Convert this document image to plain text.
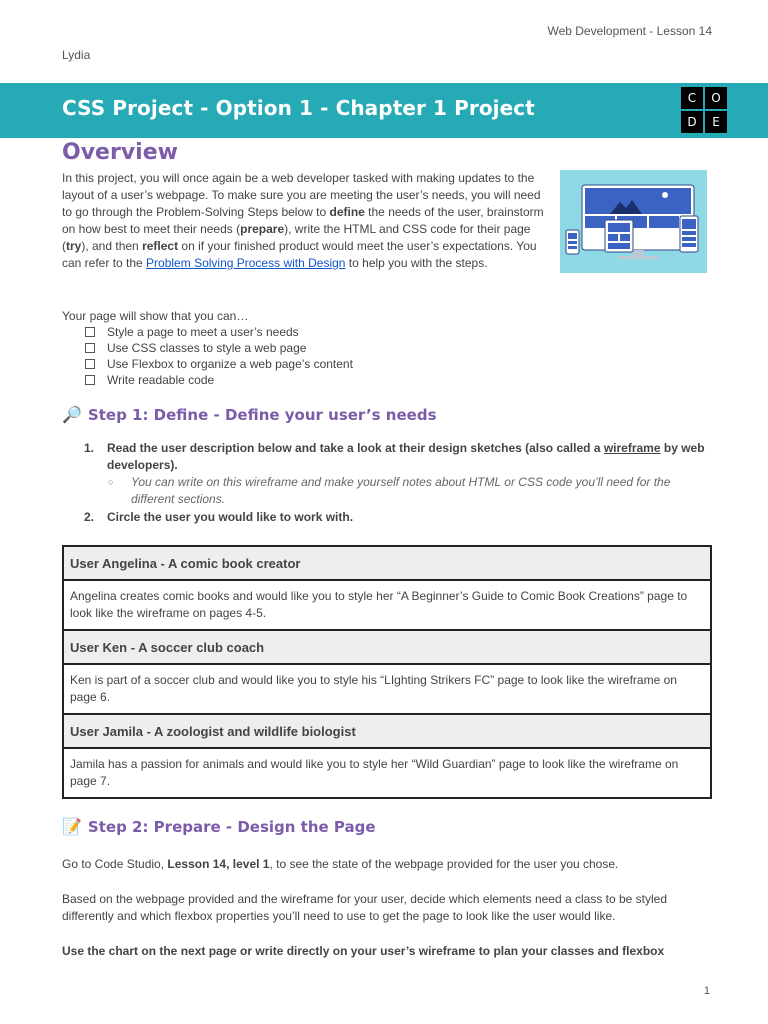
Web Development - Lesson 14
Lydia
CSS Project - Option 1 - Chapter 1 Project	C	O
D	E
Overview
In this project, you will once again be a web developer tasked with making updates to the layout of a user’s webpage. To make sure you are meeting the user’s needs, you will need to go through the Problem-Solving Steps below to define the needs of the user, brainstorm on how best to meet their needs (prepare), write the HTML and CSS code for their page (try), and then reflect on if your finished product would meet the user’s expectations. You can refer to the Problem Solving Process with Design to help you with the steps.
Your page will show that you can…
Style a page to meet a user’s needs
Use CSS classes to style a web page
Use Flexbox to organize a web page’s content
Write readable code
🔎 Step 1: Define - Define your user’s needs
1. Read the user description below and take a look at their design sketches (also called a wireframe by web developers).
○ You can write on this wireframe and make yourself notes about HTML or CSS code you’ll need for the different sections.
2. Circle the user you would like to work with.
User Angelina - A comic book creator
Angelina creates comic books and would like you to style her “A Beginner’s Guide to Comic Book Creations” page to look like the wireframe on pages 4-5.
User Ken - A soccer club coach
Ken is part of a soccer club and would like you to style his “LIghting Strikers FC” page to look like the wireframe on page 6.
User Jamila - A zoologist and wildlife biologist
Jamila has a passion for animals and would like you to style her “Wild Guardian” page to look like the wireframe on page 7.
📝 Step 2: Prepare - Design the Page
Go to Code Studio, Lesson 14, level 1, to see the state of the webpage provided for the user you chose.
Based on the webpage provided and the wireframe for your user, decide which elements need a class to be styled differently and which flexbox properties you’ll need to use to get the page to look like the user would like.
Use the chart on the next page or write directly on your user’s wireframe to plan your classes and flexbox
1
